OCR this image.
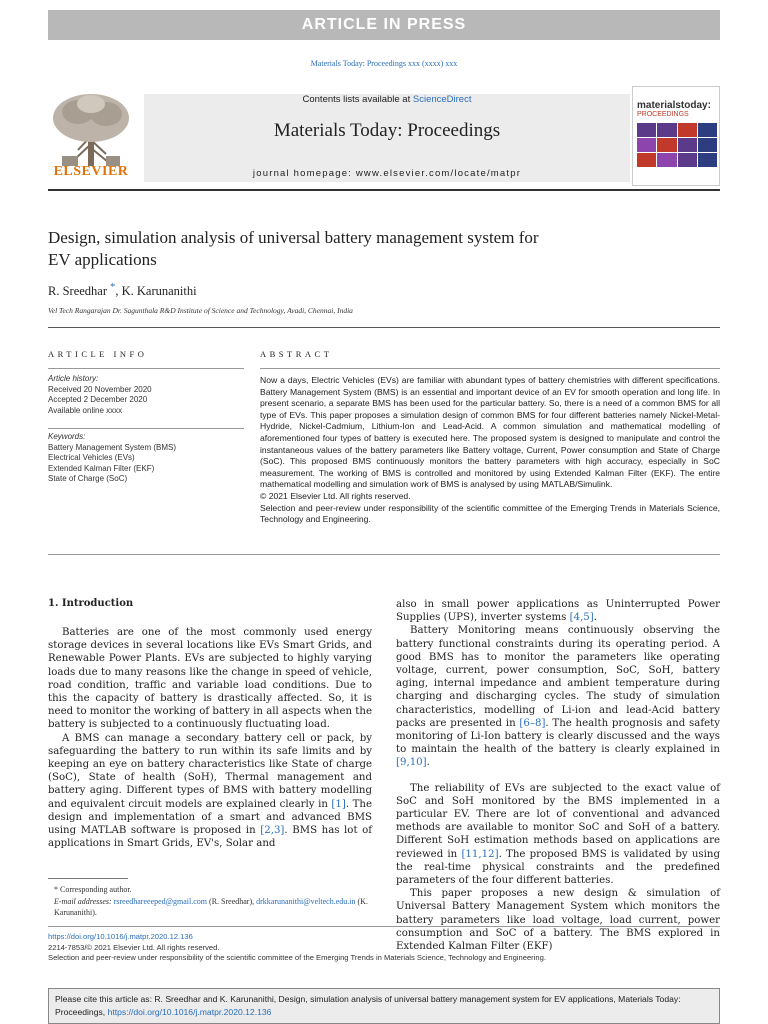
ARTICLE IN PRESS
Materials Today: Proceedings xxx (xxxx) xxx
ELSEVIER
Contents lists available at ScienceDirect
Materials Today: Proceedings
journal homepage: www.elsevier.com/locate/matpr
materialstoday:
PROCEEDINGS
Design, simulation analysis of universal battery management system for
EV applications
R. Sreedhar *, K. Karunanithi
Vel Tech Rangarajan Dr. Sagunthala R&D Institute of Science and Technology, Avadi, Chennai, India
ARTICLE INFO	ABSTRACT
Article history:
Received 20 November 2020
Accepted 2 December 2020
Available online xxxx
Keywords:
Battery Management System (BMS)
Electrical Vehicles (EVs)
Extended Kalman Filter (EKF)
State of Charge (SoC)
Now a days, Electric Vehicles (EVs) are familiar with abundant types of battery chemistries with different specifications. Battery Management System (BMS) is an essential and important device of an EV for smooth operation and long life. In present scenario, a separate BMS has been used for the particular battery. So, there is a need of a common BMS for all type of EVs. This paper proposes a simulation design of common BMS for four different batteries namely Nickel-Metal-Hydride, Nickel-Cadmium, Lithium-Ion and Lead-Acid. A common simulation and mathematical modelling of aforementioned four types of battery is executed here. The proposed system is designed to manipulate and control the instantaneous values of the battery parameters like Battery voltage, Current, Power consumption and State of Charge (SoC). This proposed BMS continuously monitors the battery parameters with high accuracy, especially in SoC measurement. The working of BMS is controlled and monitored by using Extended Kalman Filter (EKF). The entire mathematical modelling and simulation work of BMS is analysed by using MATLAB/Simulink.
© 2021 Elsevier Ltd. All rights reserved.
Selection and peer-review under responsibility of the scientific committee of the Emerging Trends in Materials Science, Technology and Engineering.
1. Introduction

Batteries are one of the most commonly used energy storage devices in several locations like EVs Smart Grids, and Renewable Power Plants. EVs are subjected to highly varying loads due to many reasons like the change in speed of vehicle, road condition, traffic and variable load conditions. Due to this the capacity of battery is drastically affected. So, it is need to monitor the working of battery in all aspects when the battery is subjected to a continuously fluctuating load.

A BMS can manage a secondary battery cell or pack, by safeguarding the battery to run within its safe limits and by keeping an eye on battery characteristics like State of charge (SoC), State of health (SoH), Thermal management and battery aging. Different types of BMS with battery modelling and equivalent circuit models are explained clearly in [1]. The design and implementation of a smart and advanced BMS using MATLAB software is proposed in [2,3]. BMS has lot of applications in Smart Grids, EV's, Solar and

also in small power applications as Uninterrupted Power Supplies (UPS), inverter systems [4,5].

Battery Monitoring means continuously observing the battery functional constraints during its operating period. A good BMS has to monitor the parameters like operating voltage, current, power consumption, SoC, SoH, battery aging, internal impedance and ambient temperature during charging and discharging cycles. The study of simulation characteristics, modelling of Li-ion and lead-Acid battery packs are presented in [6–8]. The health prognosis and safety monitoring of Li-Ion battery is clearly discussed and the ways to maintain the health of the battery is clearly explained in [9,10].

The reliability of EVs are subjected to the exact value of SoC and SoH monitored by the BMS implemented in a particular EV. There are lot of conventional and advanced methods are available to monitor SoC and SoH of a battery. Different SoH estimation methods based on applications are reviewed in [11,12]. The proposed BMS is validated by using the real-time physical constraints and the predefined parameters of the four different batteries.

This paper proposes a new design & simulation of Universal Battery Management System which monitors the battery parameters like load voltage, load current, power consumption and SoC of a battery. The BMS explored in Extended Kalman Filter (EKF)

* Corresponding author.
E-mail addresses: rsreedhareeeped@gmail.com (R. Sreedhar), drkkarunanithi@veltech.edu.in (K. Karunanithi).
https://doi.org/10.1016/j.matpr.2020.12.136
2214-7853/© 2021 Elsevier Ltd. All rights reserved.
Selection and peer-review under responsibility of the scientific committee of the Emerging Trends in Materials Science, Technology and Engineering.
Please cite this article as: R. Sreedhar and K. Karunanithi, Design, simulation analysis of universal battery management system for EV applications, Materials Today: Proceedings, https://doi.org/10.1016/j.matpr.2020.12.136
